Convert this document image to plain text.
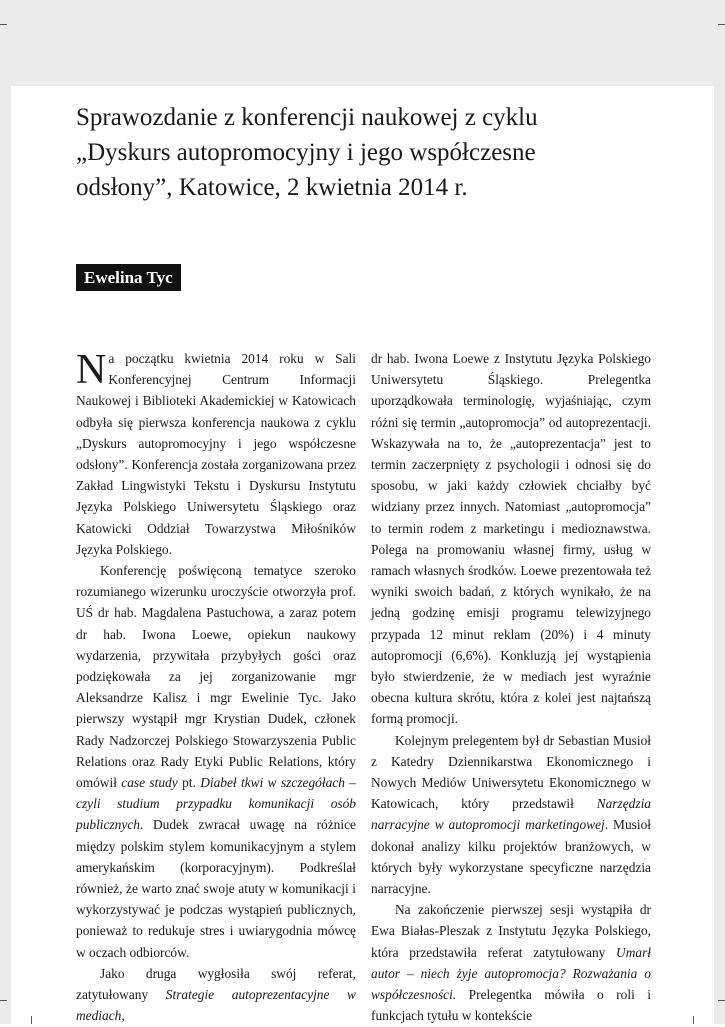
Sprawozdanie z konferencji naukowej z cyklu „Dyskurs autopromocyjny i jego współczesne odsłony”, Katowice, 2 kwietnia 2014 r.
Ewelina Tyc

Na początku kwietnia 2014 roku w Sali Konferencyjnej Centrum Informacji Naukowej i Biblioteki Akademickiej w Katowicach odbyła się pierwsza konferencja naukowa z cyklu „Dyskurs autopromocyjny i jego współczesne odsłony”. Konferencja została zorganizowana przez Zakład Lingwistyki Tekstu i Dyskursu Instytutu Języka Polskiego Uniwersytetu Śląskiego oraz Katowicki Oddział Towarzystwa Miłośników Języka Polskiego.

Konferencję poświęconą tematyce szeroko rozumianego wizerunku uroczyście otworzyła prof. UŚ dr hab. Magdalena Pastuchowa, a zaraz potem dr hab. Iwona Loewe, opiekun naukowy wydarzenia, przywitała przybyłych gości oraz podziękowała za jej zorganizowanie mgr Aleksandrze Kalisz i mgr Ewelinie Tyc. Jako pierwszy wystąpił mgr Krystian Dudek, członek Rady Nadzorczej Polskiego Stowarzyszenia Public Relations oraz Rady Etyki Public Relations, który omówił case study pt. Diabeł tkwi w szczegółach – czyli studium przypadku komunikacji osób publicznych. Dudek zwracał uwagę na różnice między polskim stylem komunikacyjnym a stylem amerykańskim (korporacyjnym). Podkreślał również, że warto znać swoje atuty w komunikacji i wykorzystywać je podczas wystąpień publicznych, ponieważ to redukuje stres i uwiarygodnia mówcę w oczach odbiorców.

Jako druga wygłosiła swój referat, zatytułowany Strategie autoprezentacyjne w mediach,

dr hab. Iwona Loewe z Instytutu Języka Polskiego Uniwersytetu Śląskiego. Prelegentka uporządkowała terminologię, wyjaśniając, czym różni się termin „autopromocja” od autoprezentacji. Wskazywała na to, że „autoprezentacja” jest to termin zaczerpnięty z psychologii i odnosi się do sposobu, w jaki każdy człowiek chciałby być widziany przez innych. Natomiast „autopromocja” to termin rodem z marketingu i medioznawstwa. Polega na promowaniu własnej firmy, usług w ramach własnych środków. Loewe prezentowała też wyniki swoich badań, z których wynikało, że na jedną godzinę emisji programu telewizyjnego przypada 12 minut reklam (20%) i 4 minuty autopromocji (6,6%). Konkluzją jej wystąpienia było stwierdzenie, że w mediach jest wyraźnie obecna kultura skrótu, która z kolei jest najtańszą formą promocji.

Kolejnym prelegentem był dr Sebastian Musioł z Katedry Dziennikarstwa Ekonomicznego i Nowych Mediów Uniwersytetu Ekonomicznego w Katowicach, który przedstawił Narzędzia narracyjne w autopromocji marketingowej. Musioł dokonał analizy kilku projektów branżowych, w których były wykorzystane specyficzne narzędzia narracyjne.

Na zakończenie pierwszej sesji wystąpiła dr Ewa Białas-Pleszak z Instytutu Języka Polskiego, która przedstawiła referat zatytułowany Umarł autor – niech żyje autopromocja? Rozważania o współczesności. Prelegentka mówiła o roli i funkcjach tytułu w kontekście
